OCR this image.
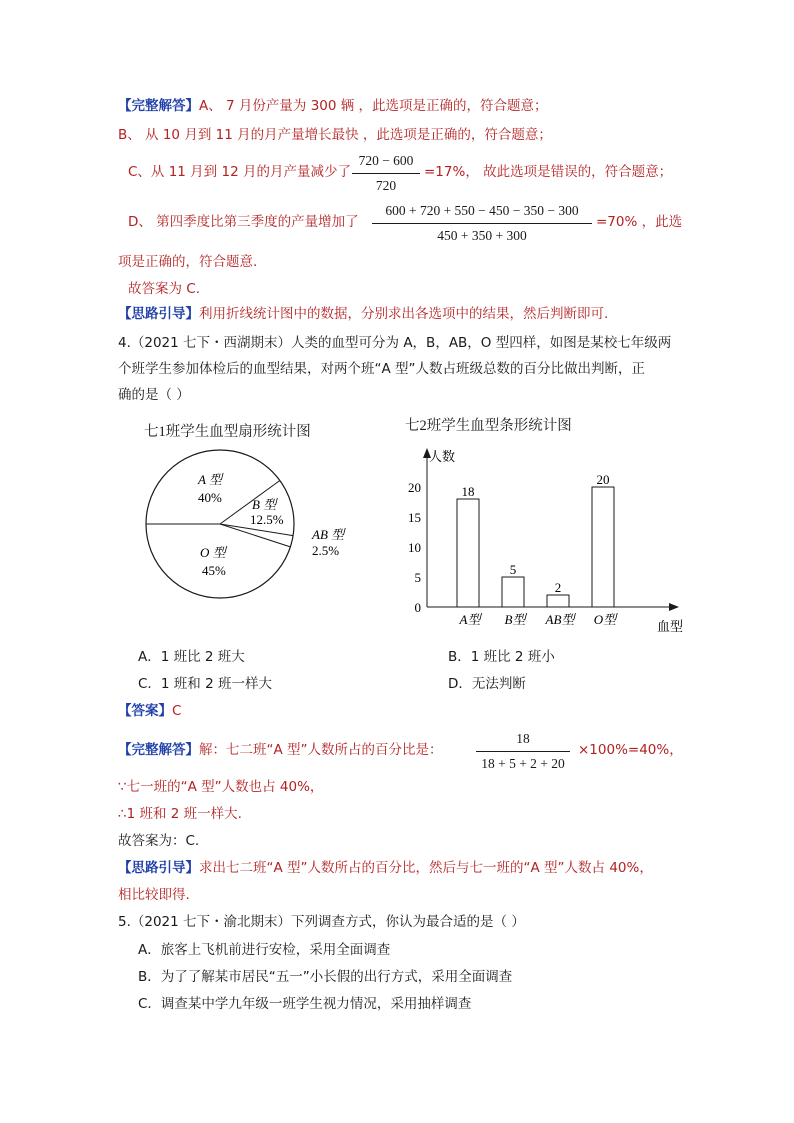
【完整解答】A、 7 月份产量为 300 辆 ，此选项是正确的，符合题意；
B、 从 10 月到 11 月的月产量增长最快 ，此选项是正确的，符合题意；
C、从 11 月到 12 月的月产量减少了
720 − 600
720
=17%， 故此选项是错误的，符合题意；
D、 第四季度比第三季度的产量增加了
600 + 720 + 550 − 450 − 350 − 300
450 + 350 + 300
=70% ，此选
项是正确的，符合题意.
故答案为 C.
【思路引导】利用折线统计图中的数据，分别求出各选项中的结果，然后判断即可.
4.（2021 七下・西湖期末）人类的血型可分为 A，B，AB，O 型四样，如图是某校七年级两
个班学生参加体检后的血型结果，对两个班“A 型”人数占班级总数的百分比做出判断，正
确的是（ ）
七1班学生血型扇形统计图
A 型
40% B 型
12.5%
AB 型
2.5%
O 型
45%
七2班学生血型条形统计图
人数
血型
0
5
10
15
20	18
A型
5
B型
2
AB型
20
O型
A．1 班比 2 班大	B．1 班比 2 班小
C．1 班和 2 班一样大	D．无法判断
【答案】C
【完整解答】解：七二班“A 型”人数所占的百分比是：
18
18 + 5 + 2 + 20
×100%=40%，
∵七一班的“A 型”人数也占 40%，
∴1 班和 2 班一样大.
故答案为：C.
【思路引导】求出七二班“A 型”人数所占的百分比，然后与七一班的“A 型”人数占 40%，
相比较即得.
5.（2021 七下・渝北期末）下列调查方式，你认为最合适的是（ ）
A．旅客上飞机前进行安检，采用全面调查
B．为了了解某市居民“五一”小长假的出行方式，采用全面调查
C．调查某中学九年级一班学生视力情况，采用抽样调查
